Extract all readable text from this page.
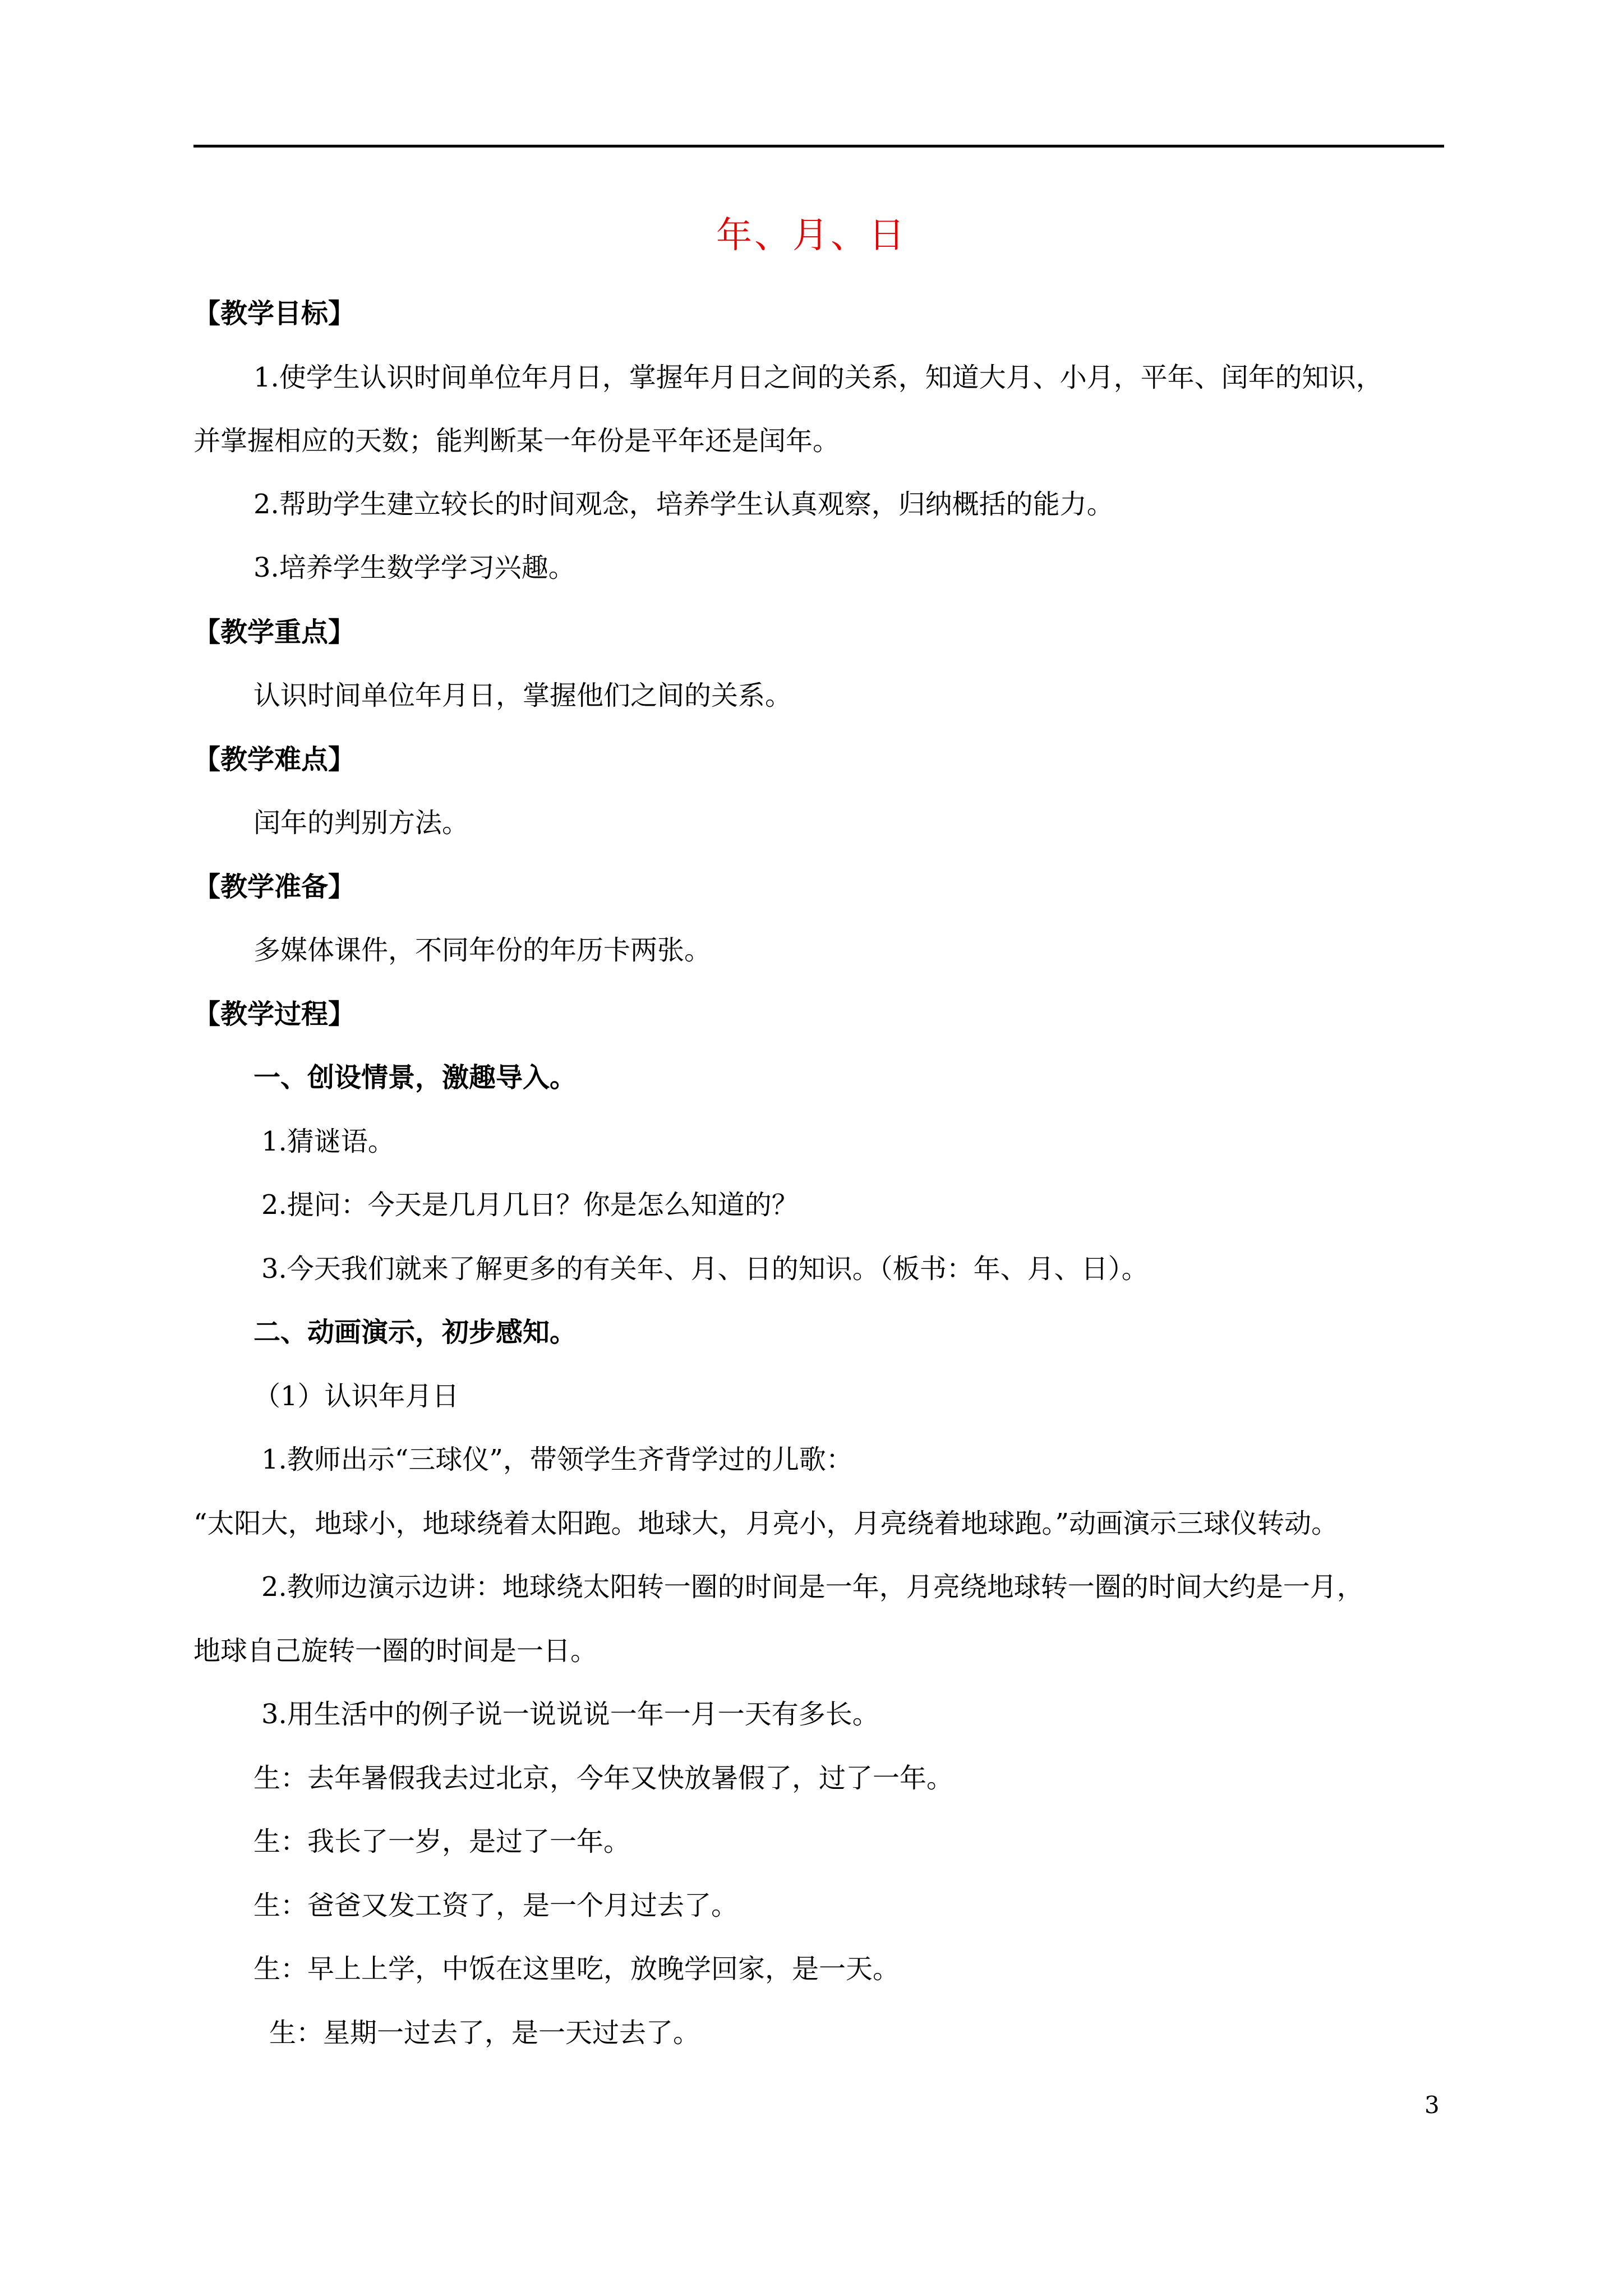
年、月、日
【教学目标】
1.使学生认识时间单位年月日，掌握年月日之间的关系，知道大月、小月，平年、闰年的知识，
并掌握相应的天数；能判断某一年份是平年还是闰年。
2.帮助学生建立较长的时间观念，培养学生认真观察，归纳概括的能力。
3.培养学生数学学习兴趣。
【教学重点】
认识时间单位年月日，掌握他们之间的关系。
【教学难点】
闰年的判别方法。
【教学准备】
多媒体课件，不同年份的年历卡两张。
【教学过程】
一、创设情景，激趣导入。
1.猜谜语。
2.提问：今天是几月几日？你是怎么知道的？
3.今天我们就来了解更多的有关年、月、日的知识。（板书：年、月、日）。
二、动画演示，初步感知。
（1）认识年月日
1.教师出示“三球仪”，带领学生齐背学过的儿歌：
“太阳大，地球小，地球绕着太阳跑。地球大，月亮小，月亮绕着地球跑。”动画演示三球仪转动。
2.教师边演示边讲：地球绕太阳转一圈的时间是一年，月亮绕地球转一圈的时间大约是一月，
地球自己旋转一圈的时间是一日。
3.用生活中的例子说一说说说一年一月一天有多长。
生：去年暑假我去过北京，今年又快放暑假了，过了一年。
生：我长了一岁，是过了一年。
生：爸爸又发工资了，是一个月过去了。
生：早上上学，中饭在这里吃，放晚学回家，是一天。
生：星期一过去了，是一天过去了。
3
